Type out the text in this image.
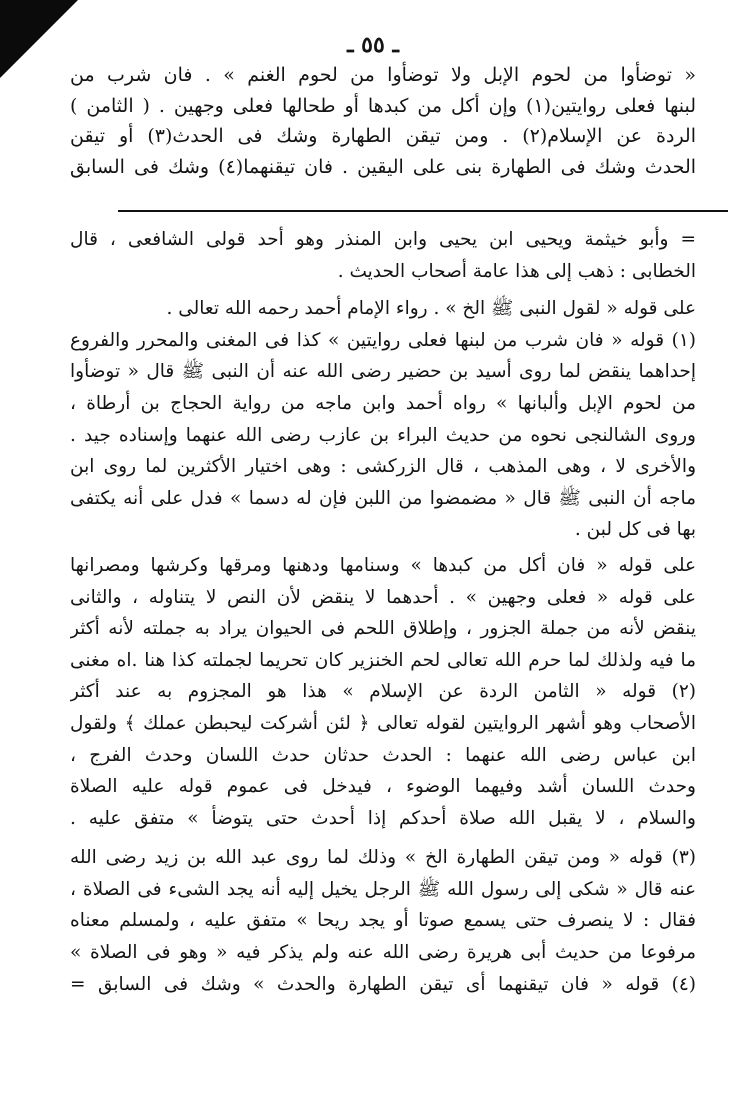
ـ ٥٥ ـ
« توضأوا من لحوم الإبل ولا توضأوا من لحوم الغنم » . فان شرب من
لبنها فعلى روايتين(١) وإن أكل من كبدها أو طحالها فعلى وجهين . ( الثامن )
الردة عن الإسلام(٢) . ومن تيقن الطهارة وشك فى الحدث(٣) أو تيقن
الحدث وشك فى الطهارة بنى على اليقين . فان تيقنهما(٤) وشك فى السابق
= وأبو خيثمة ويحيى ابن يحيى وابن المنذر وهو أحد قولى الشافعى ، قال
الخطابى : ذهب إلى هذا عامة أصحاب الحديث .
على قوله « لقول النبى ﷺ الخ » . رواء الإمام أحمد رحمه الله تعالى .
(١) قوله « فان شرب من لبنها فعلى روايتين » كذا فى المغنى والمحرر والفروع
إحداهما ينقض لما روى أسيد بن حضير رضى الله عنه أن النبى ﷺ قال « توضأوا
من لحوم الإبل وألبانها » رواه أحمد وابن ماجه من رواية الحجاج بن أرطاة ،
وروى الشالنجى نحوه من حديث البراء بن عازب رضى الله عنهما وإسناده جيد .
والأخرى لا ، وهى المذهب ، قال الزركشى : وهى اختيار الأكثرين لما روى ابن
ماجه أن النبى ﷺ قال « مضمضوا من اللبن فإن له دسما » فدل على أنه يكتفى
بها فى كل لبن .
على قوله « فان أكل من كبدها » وسنامها ودهنها ومرقها وكرشها ومصرانها
على قوله « فعلى وجهين » . أحدهما لا ينقض لأن النص لا يتناوله ، والثانى
ينقض لأنه من جملة الجزور ، وإطلاق اللحم فى الحيوان يراد به جملته لأنه أكثر
ما فيه ولذلك لما حرم الله تعالى لحم الخنزير كان تحريما لجملته كذا هنا .اه مغنى
(٢) قوله « الثامن الردة عن الإسلام » هذا هو المجزوم به عند أكثر
الأصحاب وهو أشهر الروايتين لقوله تعالى ﴿ لئن أشركت ليحبطن عملك ﴾ ولقول
ابن عباس رضى الله عنهما : الحدث حدثان حدث اللسان وحدث الفرج ،
وحدث اللسان أشد وفيهما الوضوء ، فيدخل فى عموم قوله عليه الصلاة
والسلام ، لا يقبل الله صلاة أحدكم إذا أحدث حتى يتوضأ » متفق عليه .
(٣) قوله « ومن تيقن الطهارة الخ » وذلك لما روى عبد الله بن زيد رضى الله
عنه قال « شكى إلى رسول الله ﷺ الرجل يخيل إليه أنه يجد الشىء فى الصلاة ،
فقال : لا ينصرف حتى يسمع صوتا أو يجد ريحا » متفق عليه ، ولمسلم معناه
مرفوعا من حديث أبى هريرة رضى الله عنه ولم يذكر فيه « وهو فى الصلاة »
(٤) قوله « فان تيقنهما أى تيقن الطهارة والحدث » وشك فى السابق =
